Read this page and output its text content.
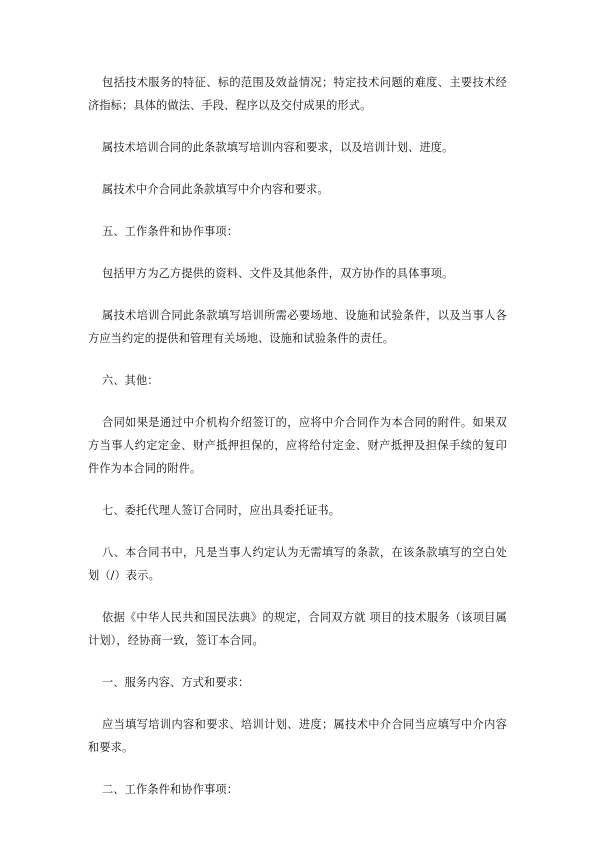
包括技术服务的特征、标的范围及效益情况；特定技术问题的难度、主要技术经济指标；具体的做法、手段、程序以及交付成果的形式。

属技术培训合同的此条款填写培训内容和要求，以及培训计划、进度。

属技术中介合同此条款填写中介内容和要求。

五、工作条件和协作事项：

包括甲方为乙方提供的资料、文件及其他条件，双方协作的具体事项。

属技术培训合同此条款填写培训所需必要场地、设施和试验条件，以及当事人各方应当约定的提供和管理有关场地、设施和试验条件的责任。

六、其他：

合同如果是通过中介机构介绍签订的，应将中介合同作为本合同的附件。如果双方当事人约定定金、财产抵押担保的，应将给付定金、财产抵押及担保手续的复印件作为本合同的附件。

七、委托代理人签订合同时，应出具委托证书。

八、本合同书中，凡是当事人约定认为无需填写的条款，在该条款填写的空白处划（/）表示。

依据《中华人民共和国民法典》的规定，合同双方就 项目的技术服务（该项目属计划），经协商一致，签订本合同。

一、服务内容、方式和要求：

应当填写培训内容和要求、培训计划、进度；属技术中介合同当应填写中介内容和要求。

二、工作条件和协作事项：
